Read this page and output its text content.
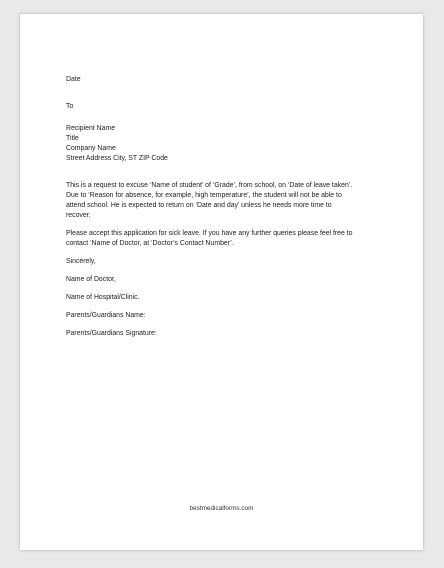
Date
To
Recipient Name
Title
Company Name
Street Address City, ST ZIP Code
This is a request to excuse ‘Name of student’ of ‘Grade’, from school, on ‘Date of leave taken’.
Due to ‘Reason for absence, for example, high temperature’, the student will not be able to
attend school. He is expected to return on ‘Date and day’ unless he needs more time to
recover.
Please accept this application for sick leave. If you have any further queries please feel free to
contact ‘Name of Doctor, at ‘Doctor’s Contact Number’.
Sincerely,
Name of Doctor,
Name of Hospital/Clinic.
Parents/Guardians Name:
Parents/Guardians Signature:
bestmedicalforms.com
